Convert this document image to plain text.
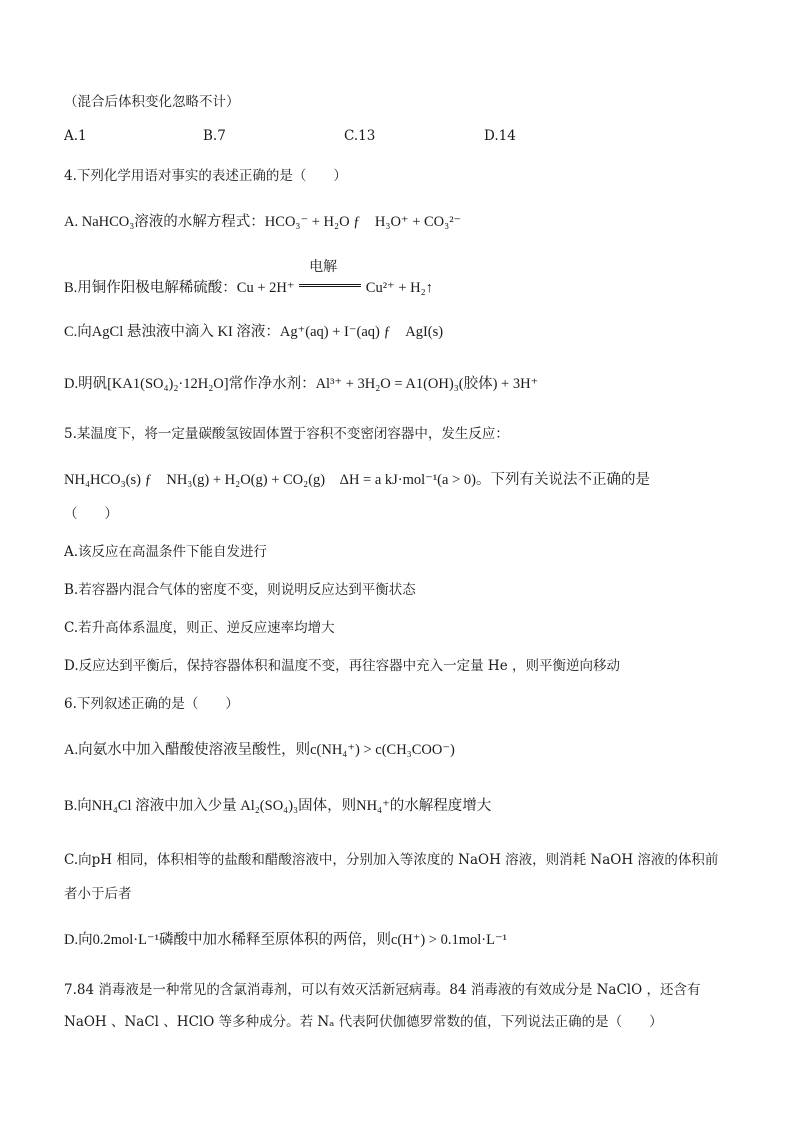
（混合后体积变化忽略不计）
A.1	B.7	C.13	D.14
4.下列化学用语对事实的表述正确的是（　　）
A. NaHCO₃溶液的水解方程式：HCO₃⁻ + H₂O ƒ　H₃O⁺ + CO₃²⁻
B.用铜作阳极电解稀硫酸：Cu + 2H⁺
电解
Cu²⁺ + H₂↑
C.向AgCl 悬浊液中滴入 KI 溶液：Ag⁺(aq) + I⁻(aq) ƒ　AgI(s)
D.明矾[KA1(SO₄)₂·12H₂O]常作净水剂：Al³⁺ + 3H₂O = A1(OH)₃(胶体) + 3H⁺
5.某温度下，将一定量碳酸氢铵固体置于容积不变密闭容器中，发生反应：
NH₄HCO₃(s) ƒ　NH₃(g) + H₂O(g) + CO₂(g)　ΔH = a kJ·mol⁻¹(a > 0)。下列有关说法不正确的是
（　　）
A.该反应在高温条件下能自发进行
B.若容器内混合气体的密度不变，则说明反应达到平衡状态
C.若升高体系温度，则正、逆反应速率均增大
D.反应达到平衡后，保持容器体积和温度不变，再往容器中充入一定量 He ，则平衡逆向移动
6.下列叙述正确的是（　　）
A.向氨水中加入醋酸使溶液呈酸性，则c(NH₄⁺) > c(CH₃COO⁻)
B.向NH₄Cl 溶液中加入少量 Al₂(SO₄)₃固体，则NH₄⁺的水解程度增大
C.向pH 相同，体积相等的盐酸和醋酸溶液中，分别加入等浓度的 NaOH 溶液，则消耗 NaOH 溶液的体积前
者小于后者
D.向0.2mol·L⁻¹磷酸中加水稀释至原体积的两倍，则c(H⁺) > 0.1mol·L⁻¹
7.84 消毒液是一种常见的含氯消毒剂，可以有效灭活新冠病毒。84 消毒液的有效成分是 NaClO ，还含有
NaOH 、NaCl 、HClO 等多种成分。若 Nₐ 代表阿伏伽德罗常数的值，下列说法正确的是（　　）
